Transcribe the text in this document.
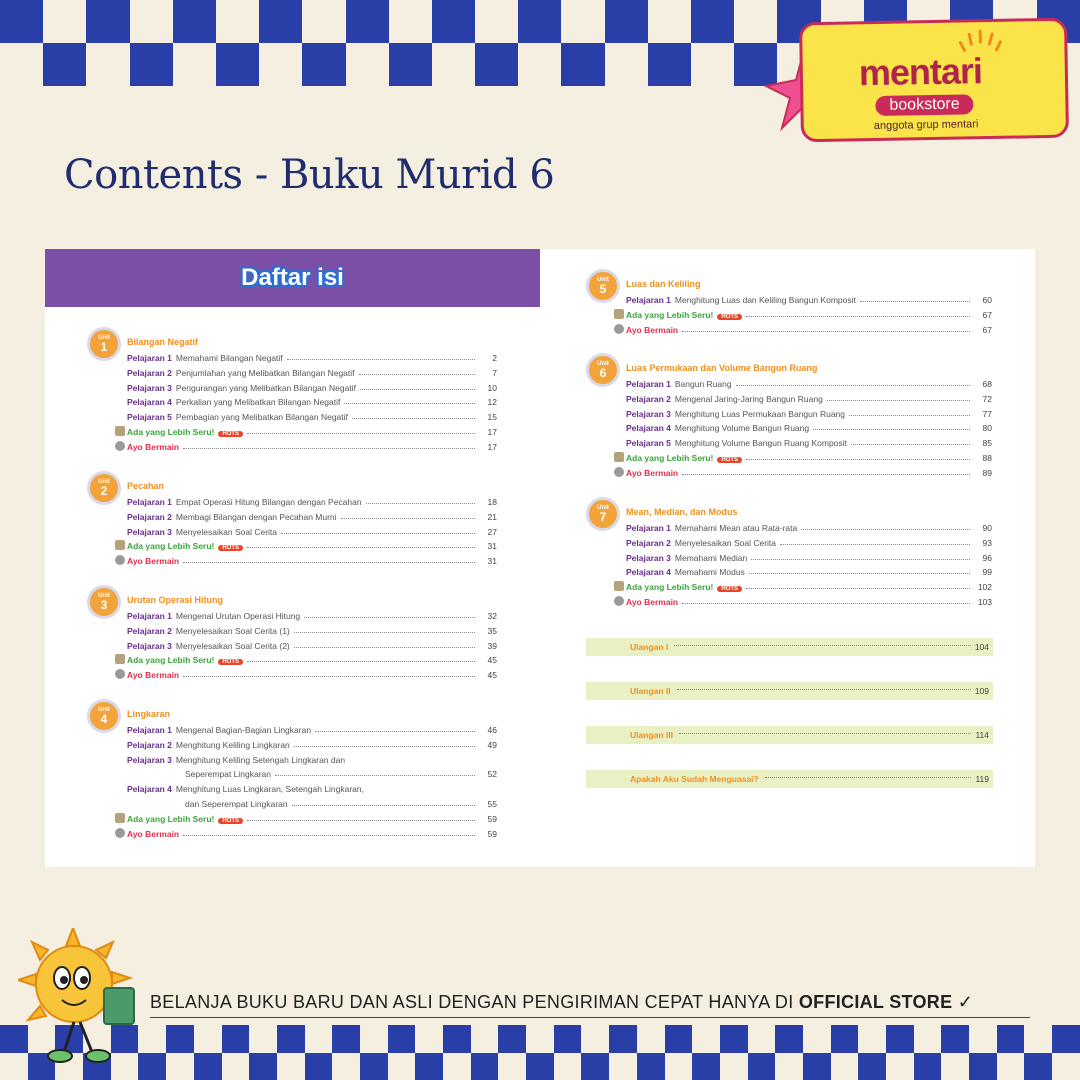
mentari
bookstore
anggota grup mentari
Contents - Buku Murid 6
Daftar isi
Unit
1 Bilangan Negatif
Pelajaran 1 Memahami Bilangan Negatif	2
Pelajaran 2 Penjumlahan yang Melibatkan Bilangan Negatif	7
Pelajaran 3 Pengurangan yang Melibatkan Bilangan Negatif	10
Pelajaran 4 Perkalian yang Melibatkan Bilangan Negatif	12
Pelajaran 5 Pembagian yang Melibatkan Bilangan Negatif	15
Ada yang Lebih Seru!	HOTS	17
Ayo Bermain	17
Unit
2 Pecahan
Pelajaran 1 Empat Operasi Hitung Bilangan dengan Pecahan	18
Pelajaran 2 Membagi Bilangan dengan Pecahan Murni	21
Pelajaran 3 Menyelesaikan Soal Cerita	27
Ada yang Lebih Seru!	HOTS	31
Ayo Bermain	31
Unit
3 Urutan Operasi Hitung
Pelajaran 1 Mengenal Urutan Operasi Hitung	32
Pelajaran 2 Menyelesaikan Soal Cerita (1)	35
Pelajaran 3 Menyelesaikan Soal Cerita (2)	39
Ada yang Lebih Seru!	HOTS	45
Ayo Bermain	45
Unit
4 Lingkaran
Pelajaran 1 Mengenal Bagian-Bagian Lingkaran	46
Pelajaran 2 Menghitung Keliling Lingkaran	49
Pelajaran 3 Menghitung Keliling Setengah Lingkaran dan
Seperempat Lingkaran	52
Pelajaran 4 Menghitung Luas Lingkaran, Setengah Lingkaran,
dan Seperempat Lingkaran	55
Ada yang Lebih Seru!	HOTS	59
Ayo Bermain	59
Unit
5 Luas dan Keliling
Pelajaran 1 Menghitung Luas dan Keliling Bangun Komposit	60
Ada yang Lebih Seru!	HOTS	67
Ayo Bermain	67
Unit
6 Luas Permukaan dan Volume Bangun Ruang
Pelajaran 1 Bangun Ruang	68
Pelajaran 2 Mengenal Jaring-Jaring Bangun Ruang	72
Pelajaran 3 Menghitung Luas Permukaan Bangun Ruang	77
Pelajaran 4 Menghitung Volume Bangun Ruang	80
Pelajaran 5 Menghitung Volume Bangun Ruang Komposit	85
Ada yang Lebih Seru!	HOTS	88
Ayo Bermain	89
Unit
7 Mean, Median, dan Modus
Pelajaran 1 Memahami Mean atau Rata-rata	90
Pelajaran 2 Menyelesaikan Soal Cerita	93
Pelajaran 3 Memahami Median	96
Pelajaran 4 Memahami Modus	99
Ada yang Lebih Seru!	HOTS	102
Ayo Bermain	103
Ulangan I	104
Ulangan II	109
Ulangan III	114
Apakah Aku Sudah Menguasai?	119
BELANJA BUKU BARU DAN ASLI DENGAN PENGIRIMAN CEPAT HANYA DI OFFICIAL STORE ✓
